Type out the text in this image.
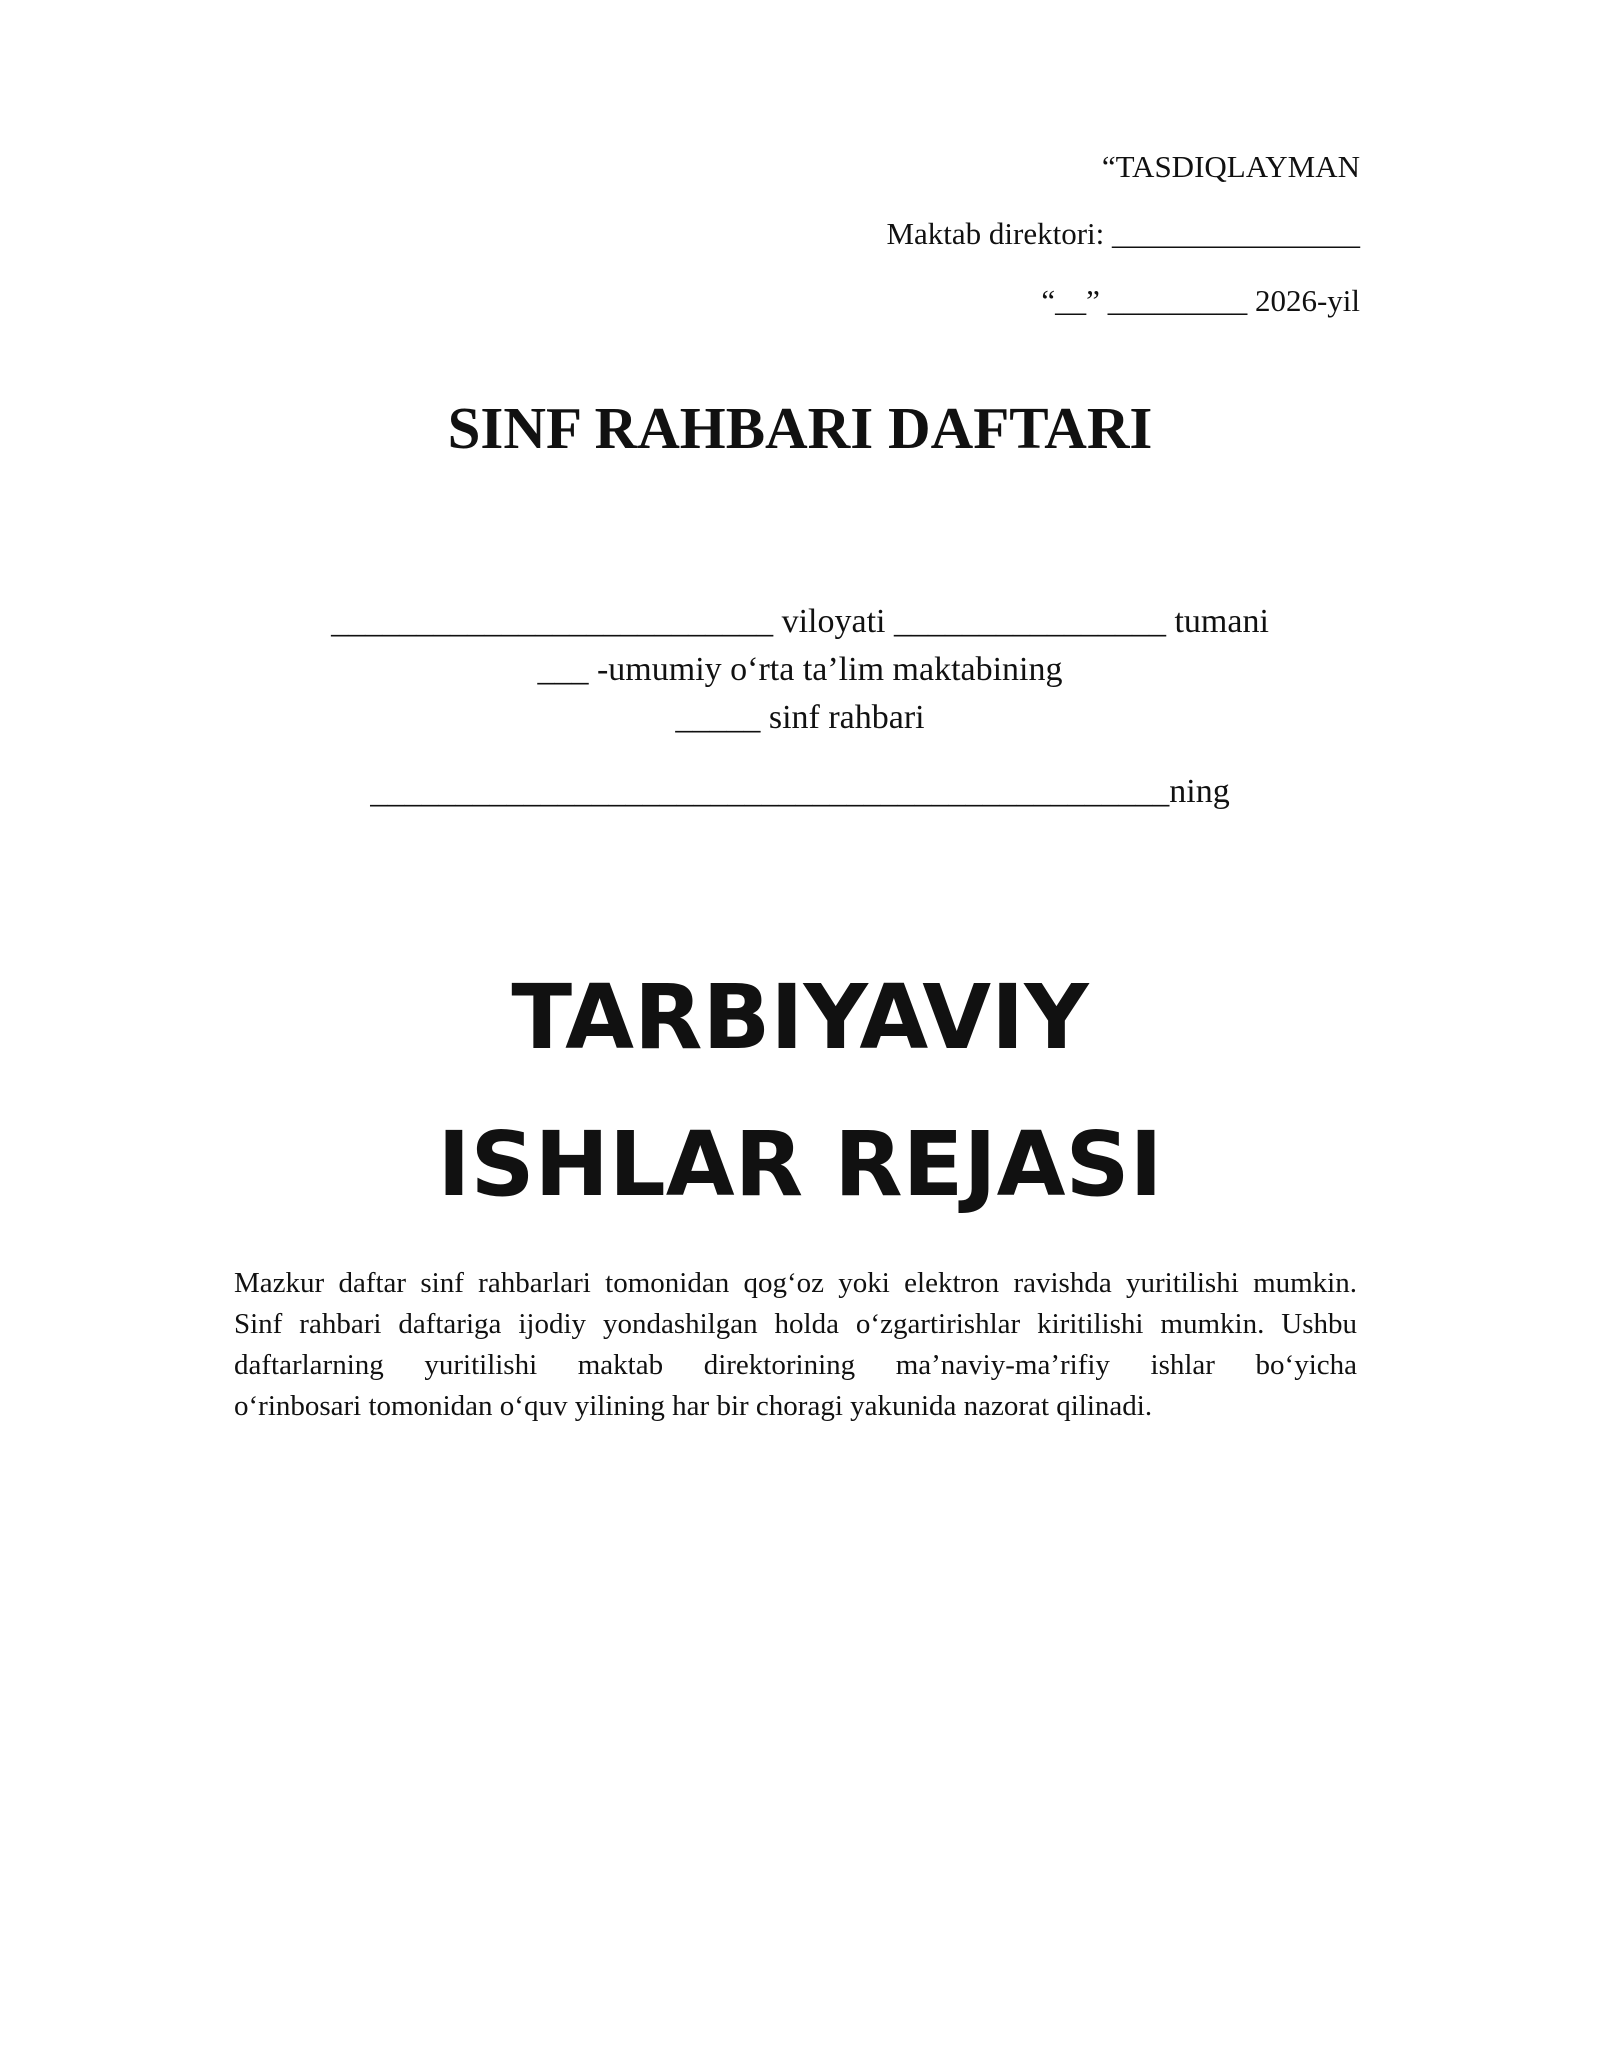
“TASDIQLAYMAN
Maktab direktori: ________________
“__” _________ 2026-yil
SINF RAHBARI DAFTARI
__________________________ viloyati ________________ tumani
___ -umumiy o‘rta ta’lim maktabining
_____ sinf rahbari
_______________________________________________ning
TARBIYAVIY
ISHLAR REJASI
Mazkur daftar sinf rahbarlari tomonidan qog‘oz yoki elektron ravishda yuritilishi mumkin.
Sinf rahbari daftariga ijodiy yondashilgan holda o‘zgartirishlar kiritilishi mumkin. Ushbu
daftarlarning yuritilishi maktab direktorining ma’naviy-ma’rifiy ishlar bo‘yicha
o‘rinbosari tomonidan o‘quv yilining har bir choragi yakunida nazorat qilinadi.
